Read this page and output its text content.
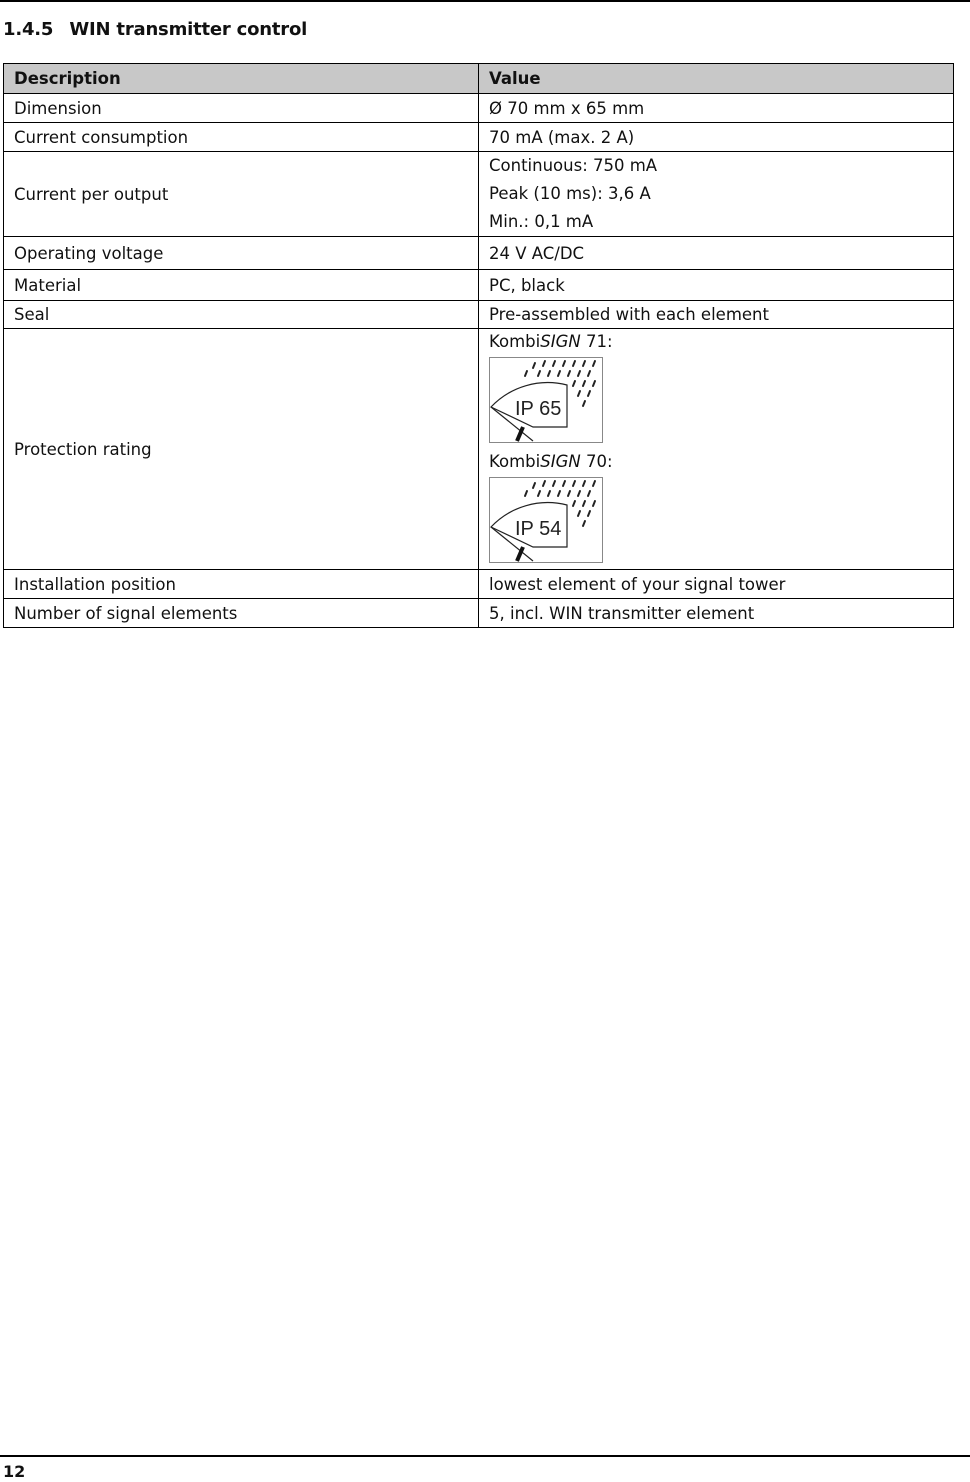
1.4.5 WIN transmitter control
Description	Value
Dimension	Ø 70 mm x 65 mm
Current consumption	70 mA (max. 2 A)
Current per output	Continuous: 750 mA
Peak (10 ms): 3,6 A
Min.: 0,1 mA

Operating voltage	24 V AC/DC
Material	PC, black
Seal	Pre-assembled with each element
Protection rating	KombiSIGN 71:
IP 65
KombiSIGN 70:
IP 54

Installation position	lowest element of your signal tower
Number of signal elements	5, incl. WIN transmitter element
12
